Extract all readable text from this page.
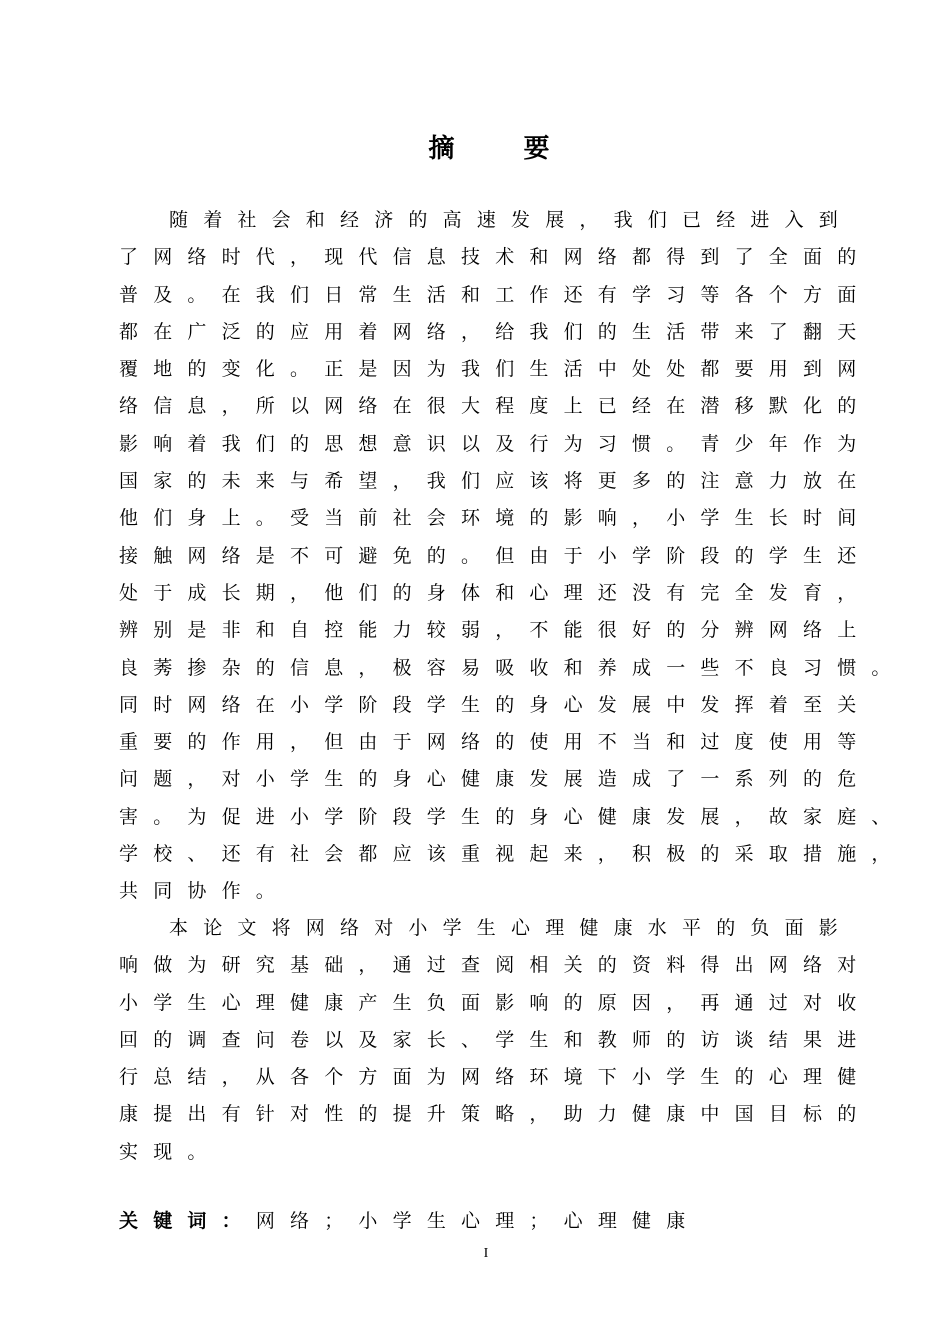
摘 要
随着社会和经济的高速发展，我们已经进入到
了网络时代，现代信息技术和网络都得到了全面的
普及。在我们日常生活和工作还有学习等各个方面
都在广泛的应用着网络，给我们的生活带来了翻天
覆地的变化。正是因为我们生活中处处都要用到网
络信息，所以网络在很大程度上已经在潜移默化的
影响着我们的思想意识以及行为习惯。青少年作为
国家的未来与希望，我们应该将更多的注意力放在
他们身上。受当前社会环境的影响，小学生长时间
接触网络是不可避免的。但由于小学阶段的学生还
处于成长期，他们的身体和心理还没有完全发育，
辨别是非和自控能力较弱，不能很好的分辨网络上
良莠掺杂的信息，极容易吸收和养成一些不良习惯。
同时网络在小学阶段学生的身心发展中发挥着至关
重要的作用，但由于网络的使用不当和过度使用等
问题，对小学生的身心健康发展造成了一系列的危
害。为促进小学阶段学生的身心健康发展，故家庭、
学校、还有社会都应该重视起来，积极的采取措施，
共同协作。
本论文将网络对小学生心理健康水平的负面影
响做为研究基础，通过查阅相关的资料得出网络对
小学生心理健康产生负面影响的原因，再通过对收
回的调查问卷以及家长、学生和教师的访谈结果进
行总结，从各个方面为网络环境下小学生的心理健
康提出有针对性的提升策略，助力健康中国目标的
实现。
关键词：网络；小学生心理；心理健康
I
